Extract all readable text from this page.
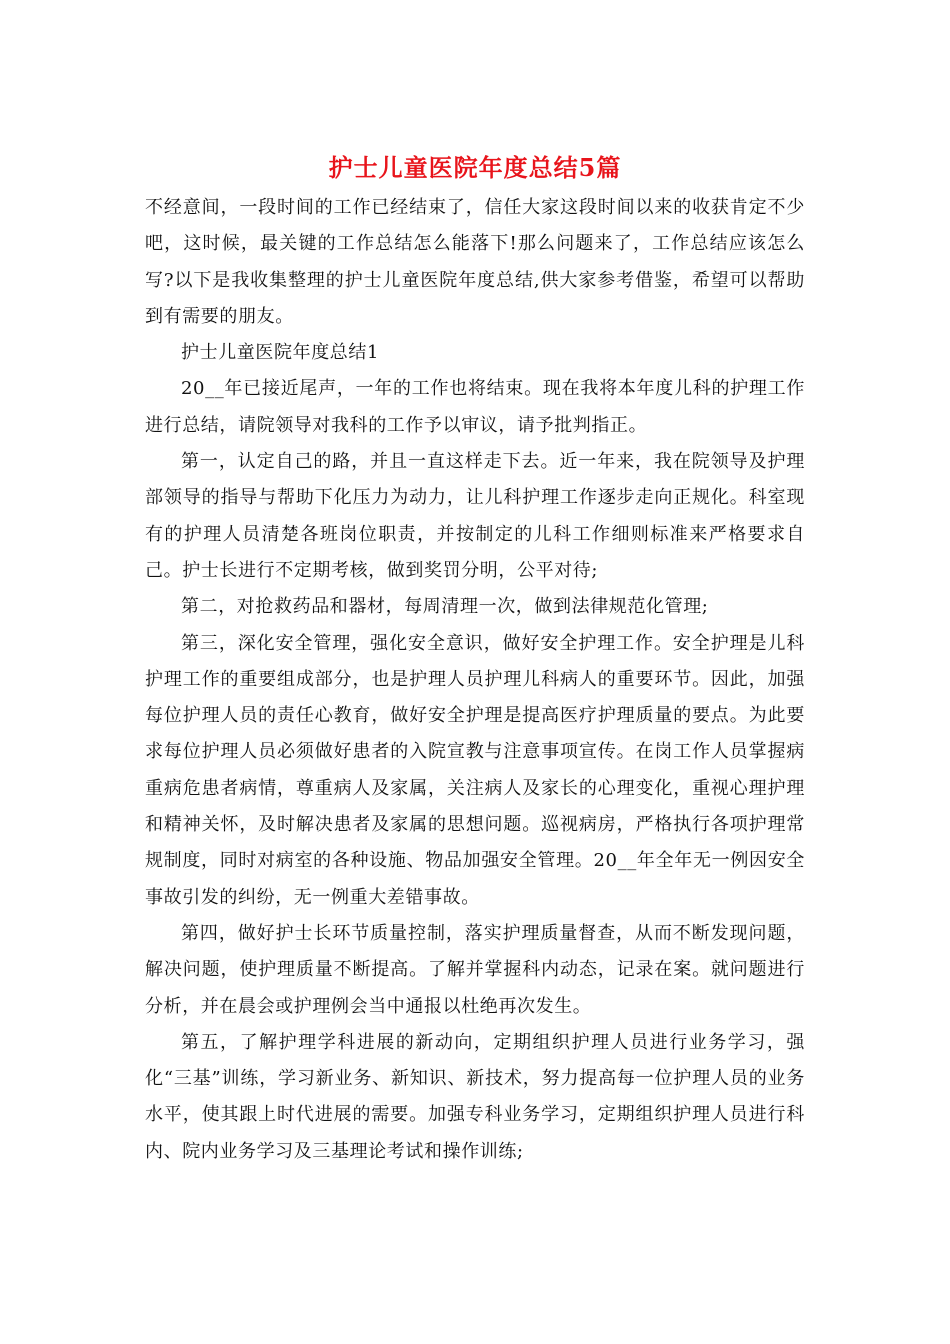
护士儿童医院年度总结5篇

不经意间，一段时间的工作已经结束了，信任大家这段时间以来的收获肯定不少吧，这时候，最关键的工作总结怎么能落下!那么问题来了，工作总结应该怎么写?以下是我收集整理的护士儿童医院年度总结,供大家参考借鉴，希望可以帮助到有需要的朋友。

护士儿童医院年度总结1

20__年已接近尾声，一年的工作也将结束。现在我将本年度儿科的护理工作进行总结，请院领导对我科的工作予以审议，请予批判指正。

第一，认定自己的路，并且一直这样走下去。近一年来，我在院领导及护理部领导的指导与帮助下化压力为动力，让儿科护理工作逐步走向正规化。科室现有的护理人员清楚各班岗位职责，并按制定的儿科工作细则标准来严格要求自己。护士长进行不定期考核，做到奖罚分明，公平对待;

第二，对抢救药品和器材，每周清理一次，做到法律规范化管理;

第三，深化安全管理，强化安全意识，做好安全护理工作。安全护理是儿科护理工作的重要组成部分，也是护理人员护理儿科病人的重要环节。因此，加强每位护理人员的责任心教育，做好安全护理是提高医疗护理质量的要点。为此要求每位护理人员必须做好患者的入院宣教与注意事项宣传。在岗工作人员掌握病重病危患者病情，尊重病人及家属，关注病人及家长的心理变化，重视心理护理和精神关怀，及时解决患者及家属的思想问题。巡视病房，严格执行各项护理常规制度，同时对病室的各种设施、物品加强安全管理。20__年全年无一例因安全事故引发的纠纷，无一例重大差错事故。

第四，做好护士长环节质量控制，落实护理质量督查，从而不断发现问题，解决问题，使护理质量不断提高。了解并掌握科内动态，记录在案。就问题进行分析，并在晨会或护理例会当中通报以杜绝再次发生。

第五，了解护理学科进展的新动向，定期组织护理人员进行业务学习，强化“三基”训练，学习新业务、新知识、新技术，努力提高每一位护理人员的业务水平，使其跟上时代进展的需要。加强专科业务学习，定期组织护理人员进行科内、院内业务学习及三基理论考试和操作训练;
